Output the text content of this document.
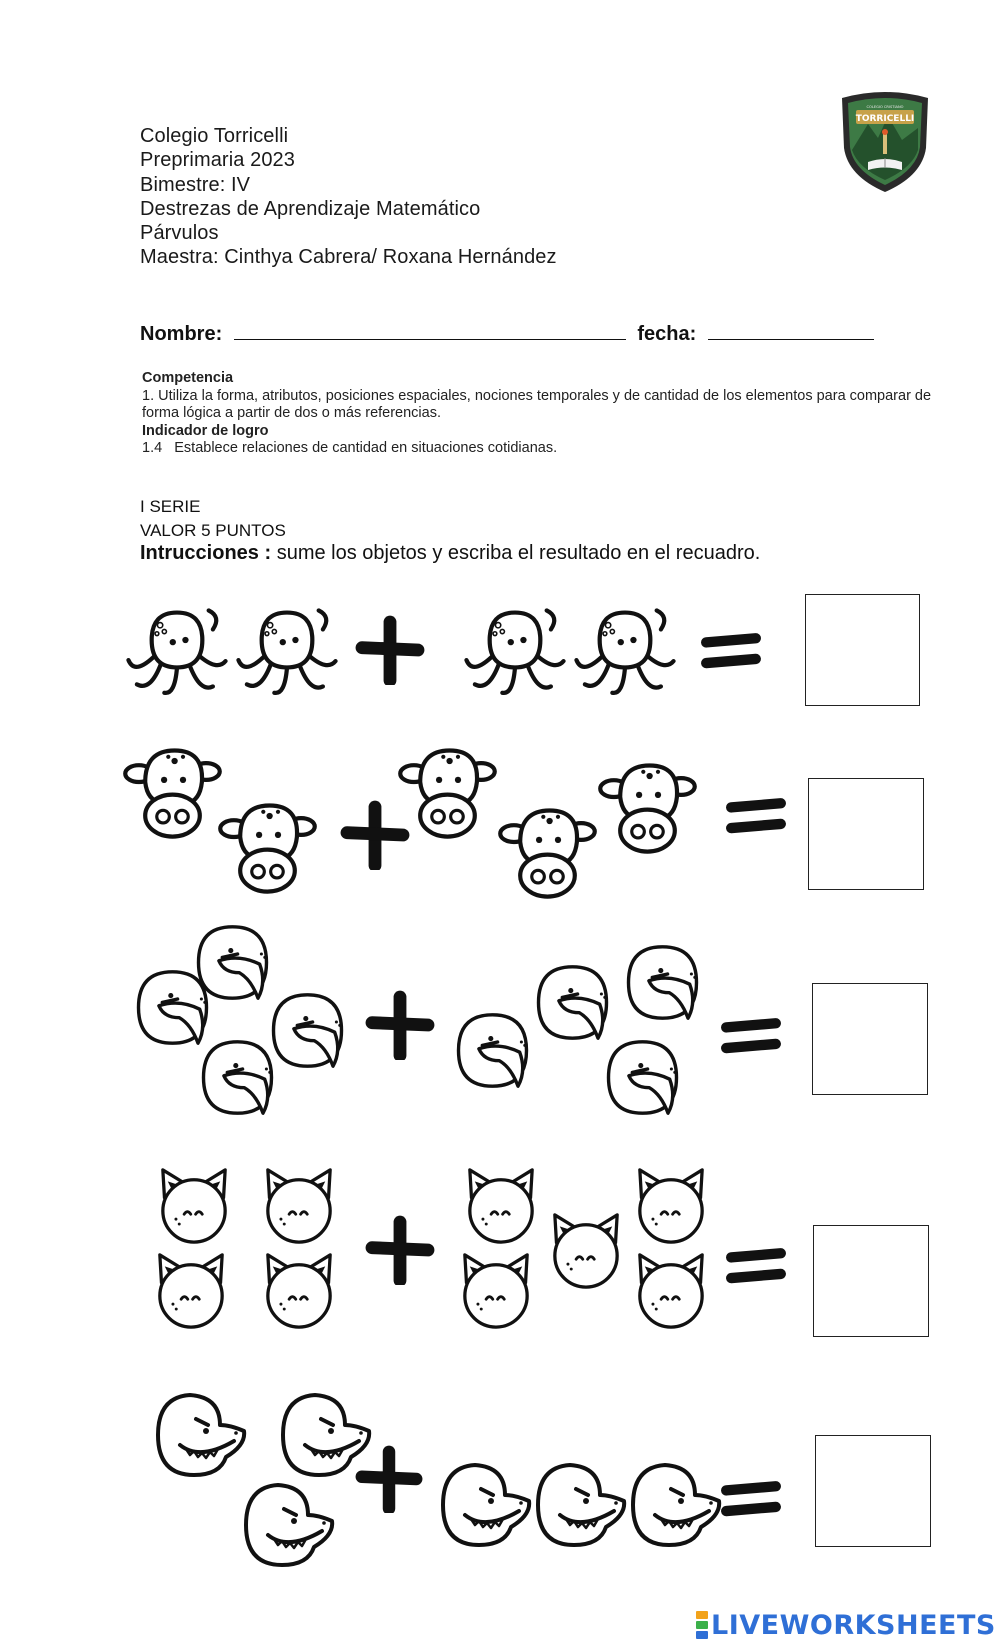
Colegio Torricelli
Preprimaria 2023
Bimestre: IV
Destrezas de Aprendizaje Matemático
Párvulos
Maestra: Cinthya Cabrera/ Roxana Hernández
TORRICELLI
COLEGIO CRISTIANO
Nombre:	fecha:
Competencia
1. Utiliza la forma, atributos, posiciones espaciales, nociones temporales y de cantidad de los elementos para comparar de forma lógica a partir de dos o más referencias.
Indicador de logro
1.4   Establece relaciones de cantidad en situaciones cotidianas.
I SERIE
VALOR 5 PUNTOS
Intrucciones : sume los objetos y escriba el resultado en el recuadro.
LIVEWORKSHEETS
